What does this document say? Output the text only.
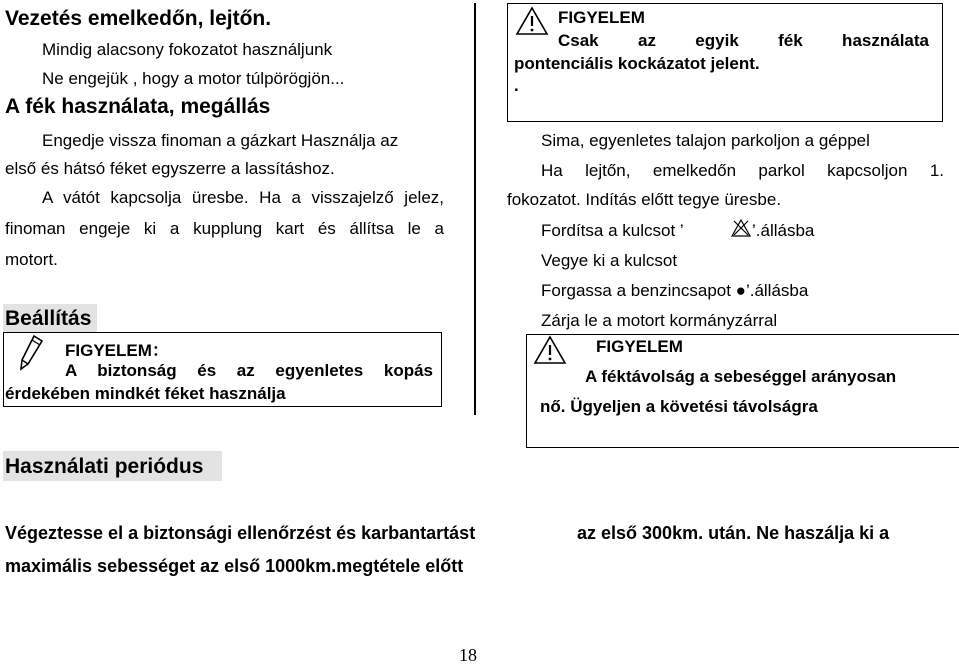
Vezetés emelkedőn, lejtőn.
Mindig alacsony fokozatot használjunk
Ne engejük , hogy a motor túlpörögjön...
A fék használata, megállás
Engedje vissza finoman a gázkart Használja az
első és hátsó féket egyszerre a lassításhoz.
A vátót kapcsolja üresbe. Ha a visszajelző jelez,
finoman engeje ki a kupplung kart és állítsa le a
motort.
Beállítás
FIGYELEM：
A biztonság és az egyenletes kopás
érdekében mindkét féket használja
FIGYELEM
Csak az egyik fék használata
pontenciális kockázatot jelent.
.
Sima, egyenletes talajon parkoljon a géppel
Ha lejtőn, emelkedőn parkol kapcsoljon 1.
fokozatot. Indítás előtt tegye üresbe.
Fordítsa a kulcsot ’	’.állásba
Vegye ki a kulcsot
Forgassa a benzincsapot ●’.állásba
Zárja le a motort kormányzárral
FIGYELEM
A féktávolság a sebeséggel arányosan
nő. Ügyeljen a követési távolságra
Használati periódus
Végeztesse el a biztonsági ellenőrzést és karbantartást	az első 300km. után. Ne haszálja ki a
maximális sebességet az első 1000km.megtétele előtt
18
